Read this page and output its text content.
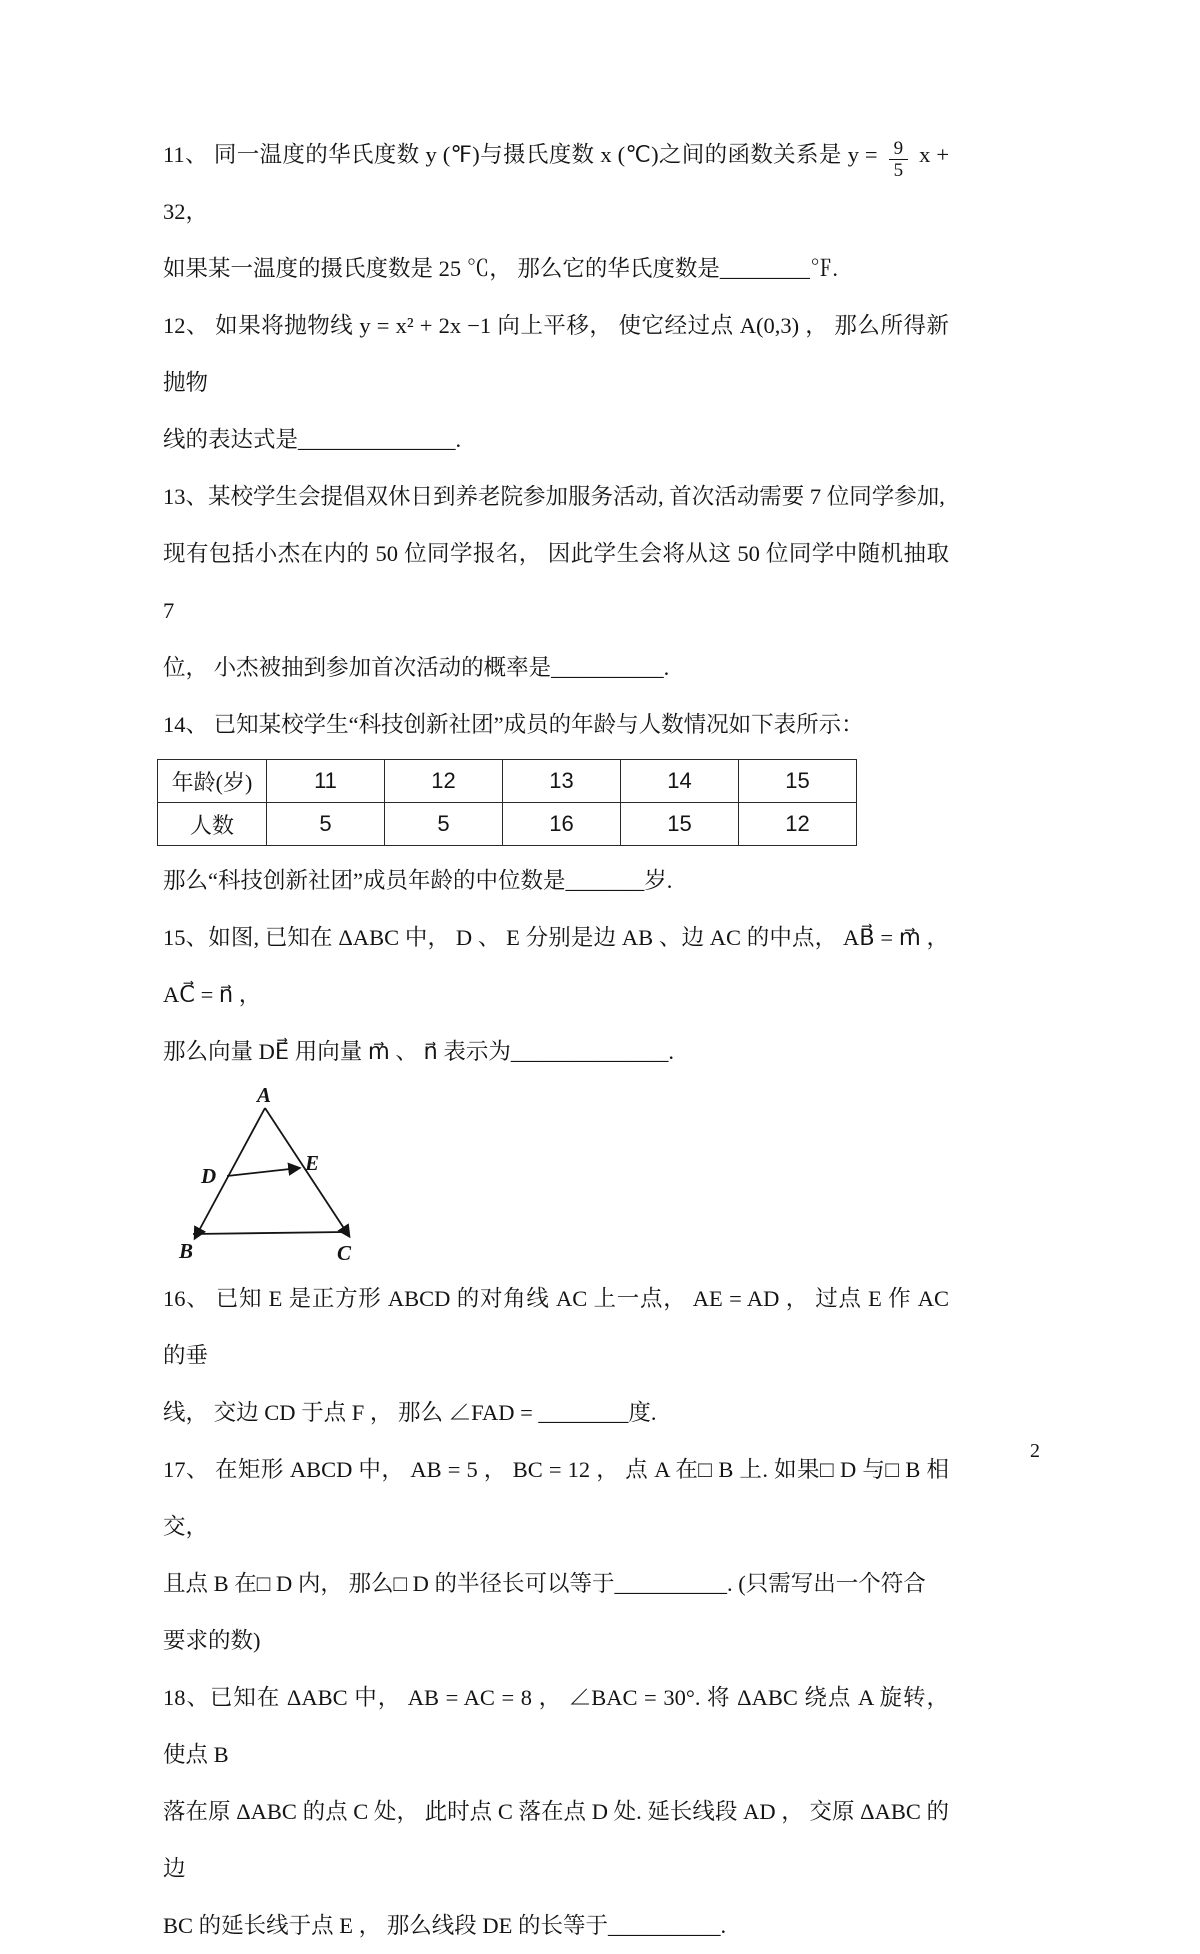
11、 同一温度的华氏度数 y (℉)与摄氏度数 x (℃)之间的函数关系是 $y = \frac{9}{5}$ x + 32，
如果某一温度的摄氏度数是 25 ℃， 那么它的华氏度数是________℉.
12、 如果将抛物线 y = x² + 2x −1 向上平移， 使它经过点 A(0,3) ， 那么所得新抛物
线的表达式是______________.
13、某校学生会提倡双休日到养老院参加服务活动, 首次活动需要 7 位同学参加,
现有包括小杰在内的 50 位同学报名， 因此学生会将从这 50 位同学中随机抽取 7
位， 小杰被抽到参加首次活动的概率是__________.
14、 已知某校学生“科技创新社团”成员的年龄与人数情况如下表所示：
年龄(岁)	11	12	13	14	15
人数	5	5	16	15	12
那么“科技创新社团”成员年龄的中位数是_______岁.
15、如图, 已知在 ΔABC 中， D 、 E 分别是边 AB 、边 AC 的中点， AB⃗ = m⃗ ， AC⃗ = n⃗ ，
那么向量 DE⃗ 用向量 m⃗ 、 n⃗ 表示为______________.
A
D
E
B	C
16、 已知 E 是正方形 ABCD 的对角线 AC 上一点， AE = AD ， 过点 E 作 AC 的垂
线， 交边 CD 于点 F ， 那么 ∠FAD = ________度.
17、 在矩形 ABCD 中， AB = 5 ， BC = 12 ， 点 A 在□ B 上. 如果□ D 与□ B 相交，
且点 B 在□ D 内， 那么□ D 的半径长可以等于__________. (只需写出一个符合
要求的数)
18、已知在 ΔABC 中， AB = AC = 8 ， ∠BAC = 30°. 将 ΔABC 绕点 A 旋转， 使点 B
落在原 ΔABC 的点 C 处， 此时点 C 落在点 D 处. 延长线段 AD ， 交原 ΔABC 的边
BC 的延长线于点 E ， 那么线段 DE 的长等于__________.
2
